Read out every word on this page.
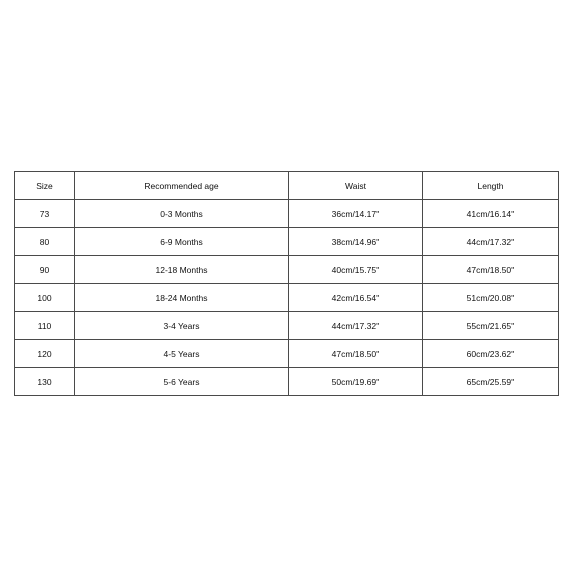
Size	Recommended age	Waist	Length
73	0-3 Months	36cm/14.17''	41cm/16.14''
80	6-9 Months	38cm/14.96''	44cm/17.32''
90	12-18 Months	40cm/15.75''	47cm/18.50''
100	18-24 Months	42cm/16.54''	51cm/20.08''
110	3-4 Years	44cm/17.32''	55cm/21.65''
120	4-5 Years	47cm/18.50''	60cm/23.62''
130	5-6 Years	50cm/19.69''	65cm/25.59''
